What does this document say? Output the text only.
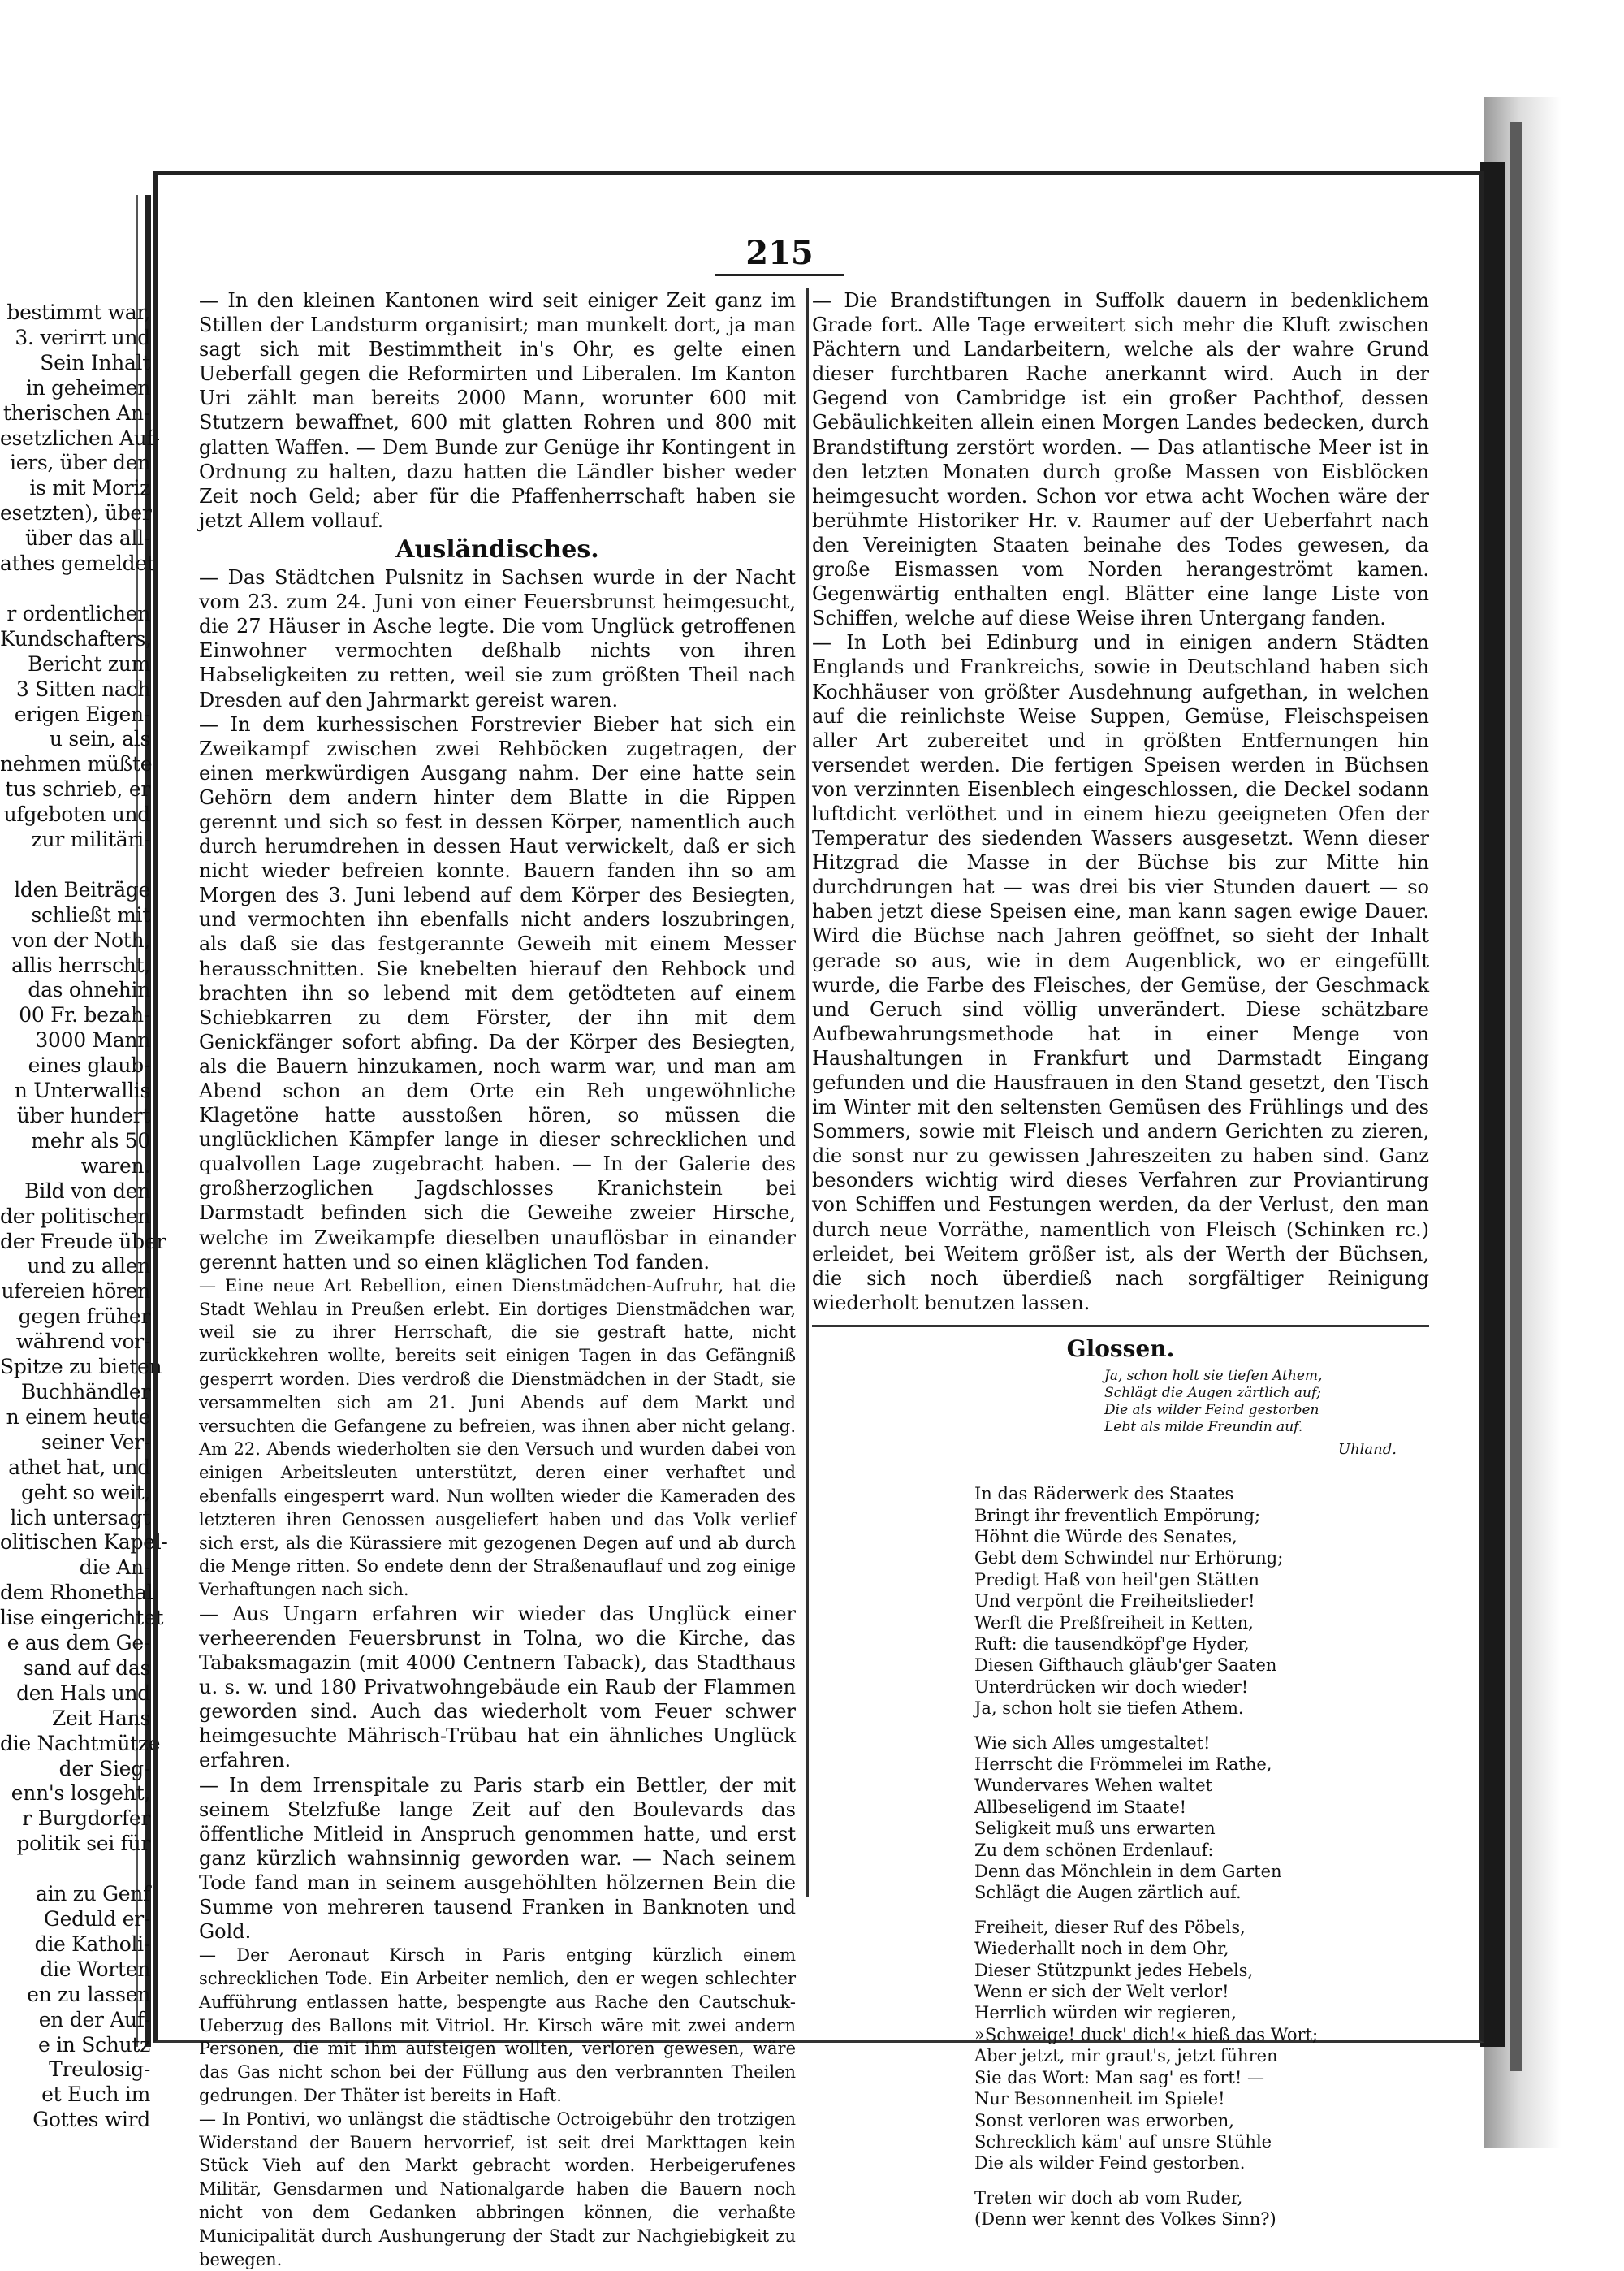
bestimmt war,
3. verirrt und
Sein Inhalt
in geheimen
therischen An-
esetzlichen Auf-
iers, über den
is mit Moriz
esetzten), über
über das all-
athes gemeldet

r ordentlichen
Kundschafters,
Bericht zum
3 Sitten nach
erigen Eigen-
u sein, als
nehmen müßte.
tus schrieb, er
ufgeboten und
zur militäri-

lden Beiträge
schließt mit
von der Noth,
allis herrscht,
das ohnehin
00 Fr. bezah-
3000 Mann
eines glaub-
n Unterwallis
über hundert
mehr als 50
waren.
Bild von den
der politischen
der Freude über
und zu allen
ufereien hören
gegen früher
während vor-
Spitze zu bieten
Buchhändler
n einem heute
seiner Ver-
athet hat, und
geht so weit,
lich untersagt
olitischen Kapel-
die An-
dem Rhonethal
lise eingerichtet
e aus dem Ge-
sand auf das
den Hals und
Zeit Hans
die Nachtmütze
der Sieg-
enn's losgeht,
r Burgdorfer
politik sei für

ain zu Genf
Geduld er-
die Katholi-
die Worten
en zu lassen
en der Auf-
e in Schutz
Treulosig-
et Euch im
Gottes wird
215

— In den kleinen Kantonen wird seit einiger Zeit ganz im Stillen der Landsturm organisirt; man munkelt dort, ja man sagt sich mit Bestimmtheit in's Ohr, es gelte einen Ueberfall gegen die Reformirten und Liberalen. Im Kanton Uri zählt man bereits 2000 Mann, worunter 600 mit Stutzern bewaffnet, 600 mit glatten Rohren und 800 mit glatten Waffen. — Dem Bunde zur Genüge ihr Kontingent in Ordnung zu halten, dazu hatten die Ländler bisher weder Zeit noch Geld; aber für die Pfaffenherrschaft haben sie jetzt Allem vollauf.

Ausländisches.

— Das Städtchen Pulsnitz in Sachsen wurde in der Nacht vom 23. zum 24. Juni von einer Feuersbrunst heimgesucht, die 27 Häuser in Asche legte. Die vom Unglück getroffenen Einwohner vermochten deßhalb nichts von ihren Habseligkeiten zu retten, weil sie zum größten Theil nach Dresden auf den Jahrmarkt gereist waren.

— In dem kurhessischen Forstrevier Bieber hat sich ein Zweikampf zwischen zwei Rehböcken zugetragen, der einen merkwürdigen Ausgang nahm. Der eine hatte sein Gehörn dem andern hinter dem Blatte in die Rippen gerennt und sich so fest in dessen Körper, namentlich auch durch herumdrehen in dessen Haut verwickelt, daß er sich nicht wieder befreien konnte. Bauern fanden ihn so am Morgen des 3. Juni lebend auf dem Körper des Besiegten, und vermochten ihn ebenfalls nicht anders loszubringen, als daß sie das festgerannte Geweih mit einem Messer herausschnitten. Sie knebelten hierauf den Rehbock und brachten ihn so lebend mit dem getödteten auf einem Schiebkarren zu dem Förster, der ihn mit dem Genickfänger sofort abfing. Da der Körper des Besiegten, als die Bauern hinzukamen, noch warm war, und man am Abend schon an dem Orte ein Reh ungewöhnliche Klagetöne hatte ausstoßen hören, so müssen die unglücklichen Kämpfer lange in dieser schrecklichen und qualvollen Lage zugebracht haben. — In der Galerie des großherzoglichen Jagdschlosses Kranichstein bei Darmstadt befinden sich die Geweihe zweier Hirsche, welche im Zweikampfe dieselben unauflösbar in einander gerennt hatten und so einen kläglichen Tod fanden.

— Eine neue Art Rebellion, einen Dienstmädchen-Aufruhr, hat die Stadt Wehlau in Preußen erlebt. Ein dortiges Dienstmädchen war, weil sie zu ihrer Herrschaft, die sie gestraft hatte, nicht zurückkehren wollte, bereits seit einigen Tagen in das Gefängniß gesperrt worden. Dies verdroß die Dienstmädchen in der Stadt, sie versammelten sich am 21. Juni Abends auf dem Markt und versuchten die Gefangene zu befreien, was ihnen aber nicht gelang. Am 22. Abends wiederholten sie den Versuch und wurden dabei von einigen Arbeitsleuten unterstützt, deren einer verhaftet und ebenfalls eingesperrt ward. Nun wollten wieder die Kameraden des letzteren ihren Genossen ausgeliefert haben und das Volk verlief sich erst, als die Kürassiere mit gezogenen Degen auf und ab durch die Menge ritten. So endete denn der Straßenauflauf und zog einige Verhaftungen nach sich.

— Aus Ungarn erfahren wir wieder das Unglück einer verheerenden Feuersbrunst in Tolna, wo die Kirche, das Tabaksmagazin (mit 4000 Centnern Taback), das Stadthaus u. s. w. und 180 Privatwohngebäude ein Raub der Flammen geworden sind. Auch das wiederholt vom Feuer schwer heimgesuchte Mährisch-Trübau hat ein ähnliches Unglück erfahren.

— In dem Irrenspitale zu Paris starb ein Bettler, der mit seinem Stelzfuße lange Zeit auf den Boulevards das öffentliche Mitleid in Anspruch genommen hatte, und erst ganz kürzlich wahnsinnig geworden war. — Nach seinem Tode fand man in seinem ausgehöhlten hölzernen Bein die Summe von mehreren tausend Franken in Banknoten und Gold.

— Der Aeronaut Kirsch in Paris entging kürzlich einem schrecklichen Tode. Ein Arbeiter nemlich, den er wegen schlechter Aufführung entlassen hatte, bespengte aus Rache den Cautschuk-Ueberzug des Ballons mit Vitriol. Hr. Kirsch wäre mit zwei andern Personen, die mit ihm aufsteigen wollten, verloren gewesen, wäre das Gas nicht schon bei der Füllung aus den verbrannten Theilen gedrungen. Der Thäter ist bereits in Haft.

— In Pontivi, wo unlängst die städtische Octroigebühr den trotzigen Widerstand der Bauern hervorrief, ist seit drei Markttagen kein Stück Vieh auf den Markt gebracht worden. Herbeigerufenes Militär, Gensdarmen und Nationalgarde haben die Bauern noch nicht von dem Gedanken abbringen können, die verhaßte Municipalität durch Aushungerung der Stadt zur Nachgiebigkeit zu bewegen.

— Die Brandstiftungen in Suffolk dauern in bedenklichem Grade fort. Alle Tage erweitert sich mehr die Kluft zwischen Pächtern und Landarbeitern, welche als der wahre Grund dieser furchtbaren Rache anerkannt wird. Auch in der Gegend von Cambridge ist ein großer Pachthof, dessen Gebäulichkeiten allein einen Morgen Landes bedecken, durch Brandstiftung zerstört worden. — Das atlantische Meer ist in den letzten Monaten durch große Massen von Eisblöcken heimgesucht worden. Schon vor etwa acht Wochen wäre der berühmte Historiker Hr. v. Raumer auf der Ueberfahrt nach den Vereinigten Staaten beinahe des Todes gewesen, da große Eismassen vom Norden herangeströmt kamen. Gegenwärtig enthalten engl. Blätter eine lange Liste von Schiffen, welche auf diese Weise ihren Untergang fanden.

— In Loth bei Edinburg und in einigen andern Städten Englands und Frankreichs, sowie in Deutschland haben sich Kochhäuser von größter Ausdehnung aufgethan, in welchen auf die reinlichste Weise Suppen, Gemüse, Fleischspeisen aller Art zubereitet und in größten Entfernungen hin versendet werden. Die fertigen Speisen werden in Büchsen von verzinnten Eisenblech eingeschlossen, die Deckel sodann luftdicht verlöthet und in einem hiezu geeigneten Ofen der Temperatur des siedenden Wassers ausgesetzt. Wenn dieser Hitzgrad die Masse in der Büchse bis zur Mitte hin durchdrungen hat — was drei bis vier Stunden dauert — so haben jetzt diese Speisen eine, man kann sagen ewige Dauer. Wird die Büchse nach Jahren geöffnet, so sieht der Inhalt gerade so aus, wie in dem Augenblick, wo er eingefüllt wurde, die Farbe des Fleisches, der Gemüse, der Geschmack und Geruch sind völlig unverändert. Diese schätzbare Aufbewahrungsmethode hat in einer Menge von Haushaltungen in Frankfurt und Darmstadt Eingang gefunden und die Hausfrauen in den Stand gesetzt, den Tisch im Winter mit den seltensten Gemüsen des Frühlings und des Sommers, sowie mit Fleisch und andern Gerichten zu zieren, die sonst nur zu gewissen Jahreszeiten zu haben sind. Ganz besonders wichtig wird dieses Verfahren zur Proviantirung von Schiffen und Festungen werden, da der Verlust, den man durch neue Vorräthe, namentlich von Fleisch (Schinken rc.) erleidet, bei Weitem größer ist, als der Werth der Büchsen, die sich noch überdieß nach sorgfältiger Reinigung wiederholt benutzen lassen.

Glossen.
Ja, schon holt sie tiefen Athem,
Schlägt die Augen zärtlich auf;
Die als wilder Feind gestorben
Lebt als milde Freundin auf.
Uhland.
In das Räderwerk des Staates
Bringt ihr freventlich Empörung;
Höhnt die Würde des Senates,
Gebt dem Schwindel nur Erhörung;
Predigt Haß von heil'gen Stätten
Und verpönt die Freiheitslieder!
Werft die Preßfreiheit in Ketten,
Ruft: die tausendköpf'ge Hyder,
Diesen Gifthauch gläub'ger Saaten
Unterdrücken wir doch wieder!
Ja, schon holt sie tiefen Athem.
Wie sich Alles umgestaltet!
Herrscht die Frömmelei im Rathe,
Wundervares Wehen waltet
Allbeseligend im Staate!
Seligkeit muß uns erwarten
Zu dem schönen Erdenlauf:
Denn das Mönchlein in dem Garten
Schlägt die Augen zärtlich auf.
Freiheit, dieser Ruf des Pöbels,
Wiederhallt noch in dem Ohr,
Dieser Stützpunkt jedes Hebels,
Wenn er sich der Welt verlor!
Herrlich würden wir regieren,
»Schweige! duck' dich!« hieß das Wort;
Aber jetzt, mir graut's, jetzt führen
Sie das Wort: Man sag' es fort! —
Nur Besonnenheit im Spiele!
Sonst verloren was erworben,
Schrecklich käm' auf unsre Stühle
Die als wilder Feind gestorben.
Treten wir doch ab vom Ruder,
(Denn wer kennt des Volkes Sinn?)
